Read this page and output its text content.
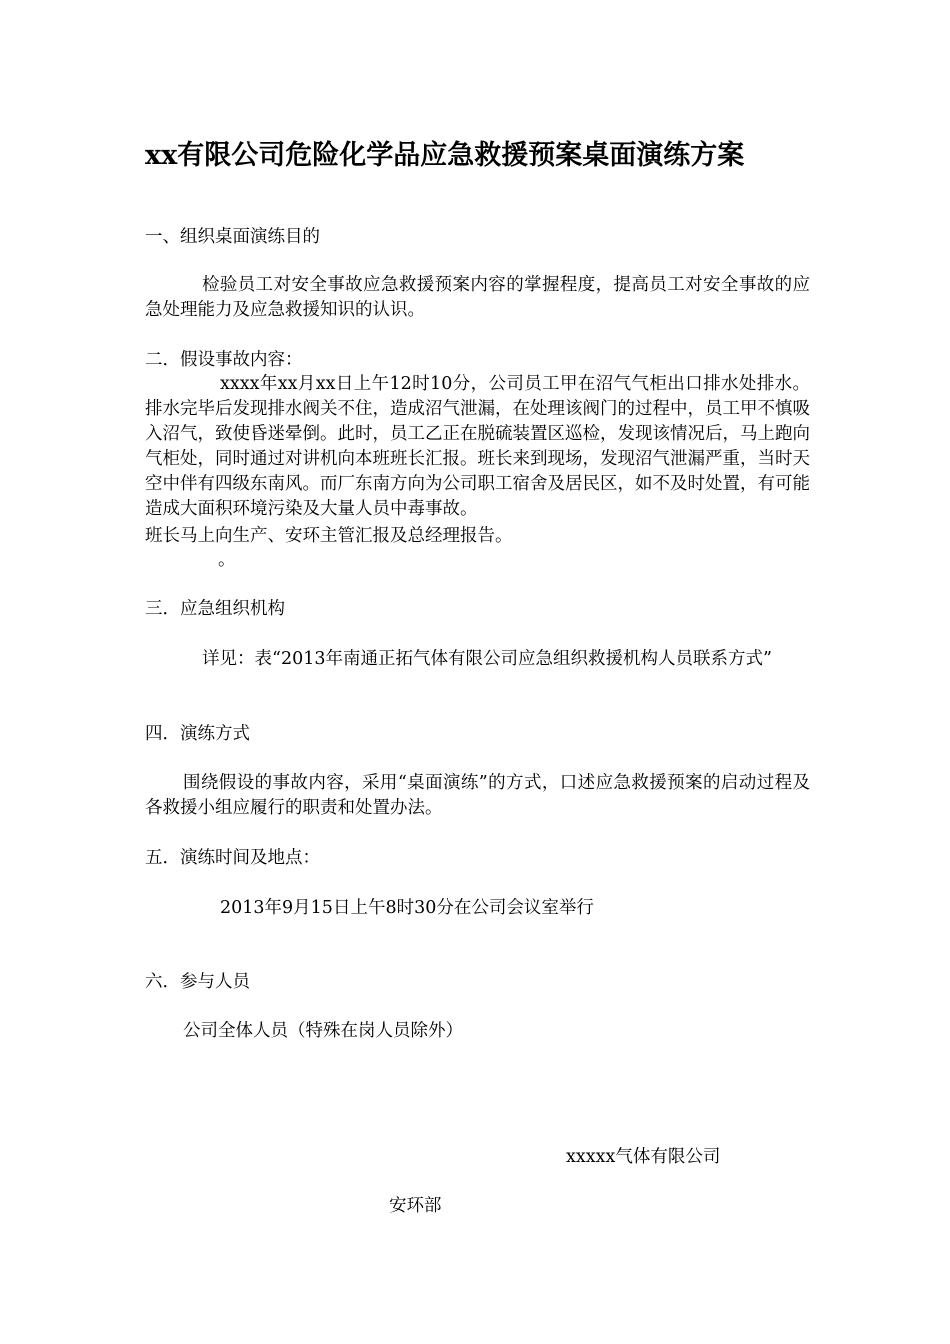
xx有限公司危险化学品应急救援预案桌面演练方案
一、组织桌面演练目的
检验员工对安全事故应急救援预案内容的掌握程度，提高员工对安全事故的应急处理能力及应急救援知识的认识。
二．假设事故内容：
xxxx年xx月xx日上午12时10分，公司员工甲在沼气气柜出口排水处排水。排水完毕后发现排水阀关不住，造成沼气泄漏，在处理该阀门的过程中，员工甲不慎吸入沼气，致使昏迷晕倒。此时，员工乙正在脱硫装置区巡检，发现该情况后，马上跑向气柜处，同时通过对讲机向本班班长汇报。班长来到现场，发现沼气泄漏严重，当时天空中伴有四级东南风。而厂东南方向为公司职工宿舍及居民区，如不及时处置，有可能造成大面积环境污染及大量人员中毒事故。
班长马上向生产、安环主管汇报及总经理报告。
。
三．应急组织机构
详见：表“2013年南通正拓气体有限公司应急组织救援机构人员联系方式”
四．演练方式
围绕假设的事故内容，采用“桌面演练”的方式，口述应急救援预案的启动过程及各救援小组应履行的职责和处置办法。
五．演练时间及地点：
2013年9月15日上午8时30分在公司会议室举行
六．参与人员
公司全体人员（特殊在岗人员除外）
xxxxx气体有限公司
安环部
